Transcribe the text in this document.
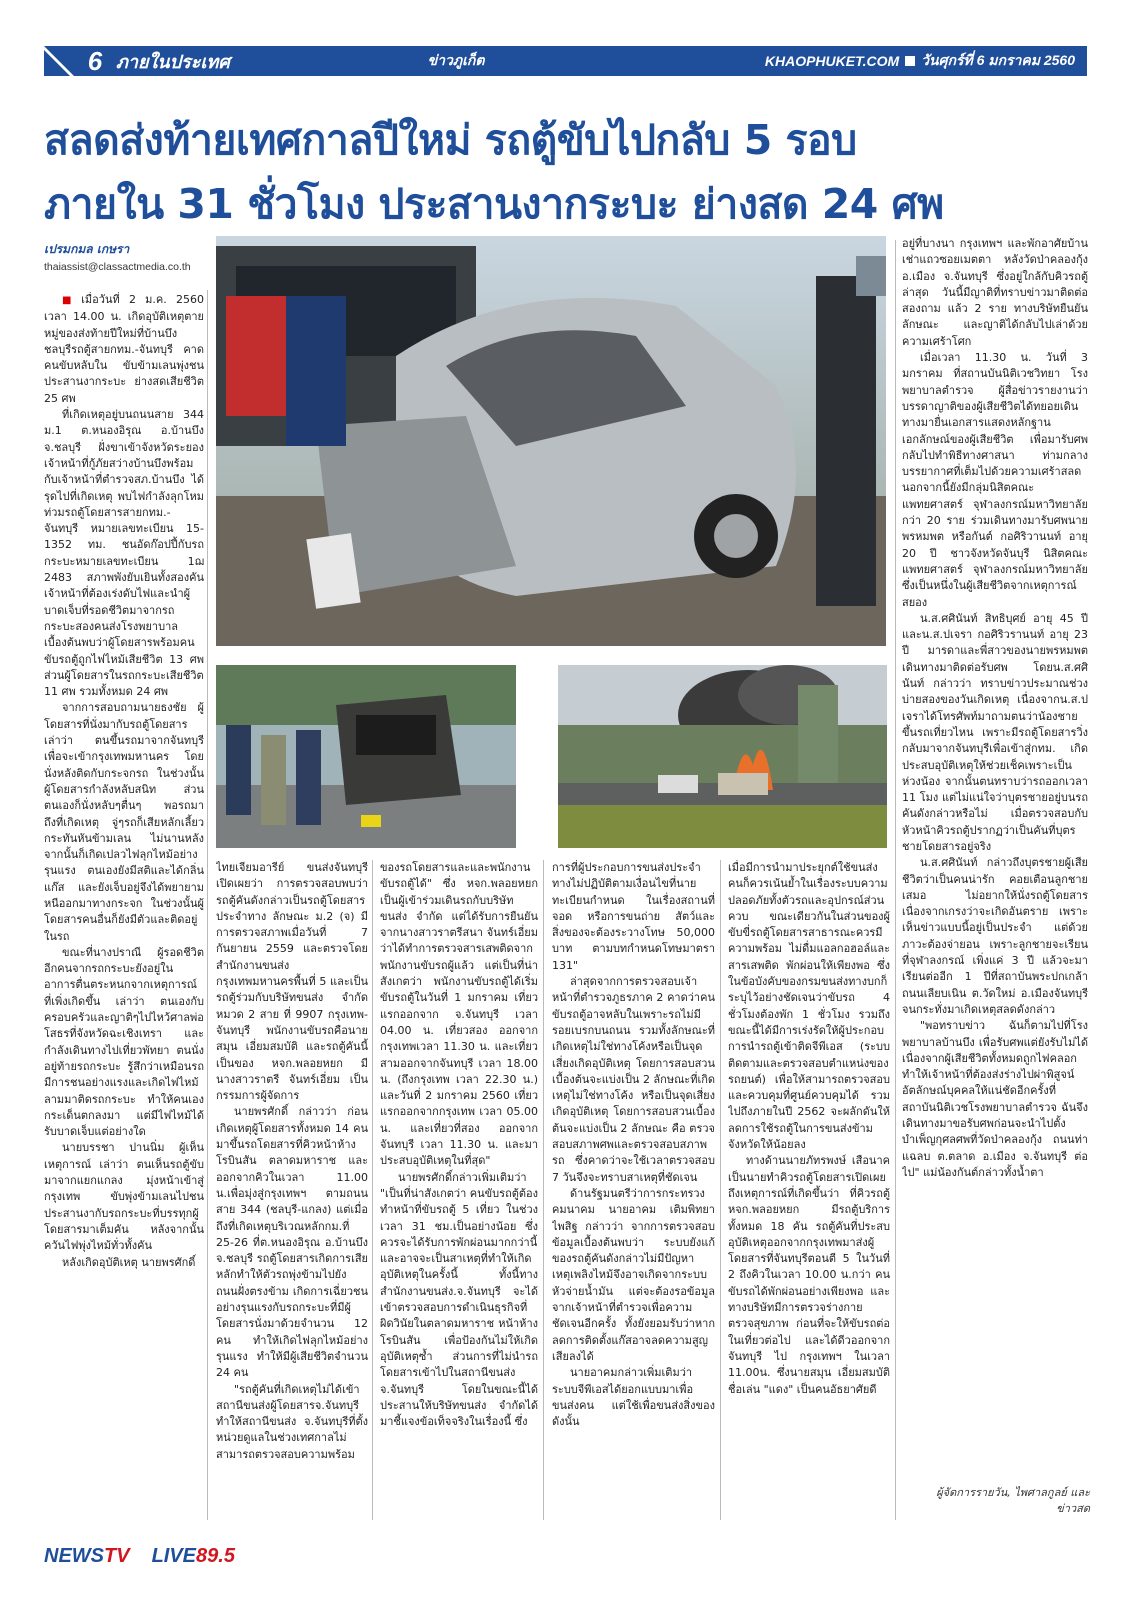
6 ภายในประเทศ	ข่าวภูเก็ต	KHAOPHUKET.COM วันศุกร์ที่ 6 มกราคม 2560
สลดส่งท้ายเทศกาลปีใหม่ รถตู้ขับไปกลับ 5 รอบ
ภายใน 31 ชั่วโมง ประสานงากระบะ ย่างสด 24 ศพ
เปรมกมล เกษรา
thaiassist@classactmedia.co.th

■ เมื่อวันที่ 2 ม.ค. 2560 เวลา 14.00 น. เกิดอุบัติเหตุตายหมู่ของส่งท้ายปีใหม่ที่บ้านบึง ชลบุรีรถตู้สายกทม.-จันทบุรี คาดคนขับหลับใน ขับข้ามเลนพุ่งชนประสานงากระบะ ย่างสดเสียชีวิต 25 ศพ

ที่เกิดเหตุอยู่บนถนนสาย 344 ม.1 ต.หนองอิรุณ อ.บ้านบึง จ.ชลบุรี ฝั่งขาเข้าจังหวัดระยอง เจ้าหน้าที่กู้ภัยสว่างบ้านบึงพร้อมกับเจ้าหน้าที่ตำรวจสภ.บ้านบึง ได้รุดไปที่เกิดเหตุ พบไฟกำลังลุกโหมท่วมรถตู้โดยสารสายกทม.-จันทบุรี หมายเลขทะเบียน 15-1352 ทม. ชนอัดก๊อปปี้กับรถกระบะหมายเลขทะเบียน 1ฌ 2483 สภาพพังยับเยินทั้งสองคัน เจ้าหน้าที่ต้องเร่งดับไฟและนำผู้บาดเจ็บที่รอดชีวิตมาจากรถกระบะสองคนส่งโรงพยาบาล เบื้องต้นพบว่าผู้โดยสารพร้อมคนขับรถตู้ถูกไฟไหม้เสียชีวิต 13 ศพ ส่วนผู้โดยสารในรถกระบะเสียชีวิต 11 ศพ รวมทั้งหมด 24 ศพ

จากการสอบถามนายธงชัย ผู้โดยสารที่นั่งมากับรถตู้โดยสาร เล่าว่า ตนขึ้นรถมาจากจันทบุรี เพื่อจะเข้ากรุงเทพมหานคร โดยนั่งหลังติดกับกระจกรถ ในช่วงนั้นผู้โดยสารกำลังหลับสนิท ส่วนตนเองก็นั่งหลับๆตื่นๆ พอรถมาถึงที่เกิดเหตุ จู่ๆรถก็เสียหลักเลี้ยวกระทันหันข้ามเลน ไม่นานหลังจากนั้นก็เกิดเปลวไฟลุกไหม้อย่างรุนแรง ตนเองยังมีสติและได้กลิ่นแก๊ส และยังเจ็บอยู่จึงได้พยายามหนีออกมาทางกระจก ในช่วงนั้นผู้โดยสารคนอื่นก็ยังมีตัวและติดอยู่ในรถ

ขณะที่นางปราณี ผู้รอดชีวิตอีกคนจากรถกระบะยังอยู่ในอาการตื่นตระหนกจากเหตุการณ์ที่เพิ่งเกิดขึ้น เล่าว่า ตนเองกับครอบครัวและญาติๆไปไหว้ศาลพ่อโสธรที่จังหวัดฉะเชิงเทรา และกำลังเดินทางไปเที่ยวพัทยา ตนนั่งอยู่ท้ายรถกระบะ รู้สึกว่าเหมือนรถมีการชนอย่างแรงและเกิดไฟไหม้ลามมาติดรถกระบะ ทำให้คนเองกระเด็นตกลงมา แต่มีไฟไหม้ได้รับบาดเจ็บแต่อย่างใด

นายบรรชา ปานนิ่ม ผู้เห็นเหตุการณ์ เล่าว่า ตนเห็นรถตู้ขับมาจากแยกแกลง มุ่งหน้าเข้าสู่กรุงเทพ ขับพุ่งข้ามเลนไปชนประสานงากับรถกระบะที่บรรทุกผู้โดยสารมาเต็มคัน หลังจากนั้นควันไฟพุ่งไหม้ทั่วทั้งคัน

หลังเกิดอุบัติเหตุ นายพรศักดิ์

ไทยเจียมอารีย์ ขนส่งจันทบุรี เปิดเผยว่า การตรวจสอบพบว่ารถตู้คันดังกล่าวเป็นรถตู้โดยสารประจำทาง ลักษณะ ม.2 (จ) มีการตรวจสภาพเมื่อวันที่ 7 กันยายน 2559 และตรวจโดยสำนักงานขนส่ง กรุงเทพมหานครพื้นที่ 5 และเป็นรถตู้ร่วมกับบริษัทขนส่ง จำกัด หมวด 2 สาย ที่ 9907 กรุงเทพ-จันทบุรี พนักงานขับรถคือนายสมุน เอี่ยมสมบัติ และรถตู้คันนี้เป็นของ หจก.พลอยหยก มีนางสาวราตรี จันทร์เอี่ยม เป็นกรรมการผู้จัดการ

นายพรศักดิ์ กล่าวว่า ก่อนเกิดเหตุผู้โดยสารทั้งหมด 14 คน มาขึ้นรถโดยสารที่คิวหน้าห้างโรบินสัน ตลาดมหาราช และออกจากคิวในเวลา 11.00 น.เพื่อมุ่งสู่กรุงเทพฯ ตามถนนสาย 344 (ชลบุรี-แกลง) แต่เมื่อถึงที่เกิดเหตุบริเวณหลักกม.ที่ 25-26 ที่ต.หนองอิรุณ อ.บ้านบึง จ.ชลบุรี รถตู้โดยสารเกิดการเสียหลักทำให้ตัวรถพุ่งข้ามไปยังถนนฝั่งตรงข้าม เกิดการเฉี่ยวชนอย่างรุนแรงกับรถกระบะที่มีผู้โดยสารนั่งมาด้วยจำนวน 12 คน ทำให้เกิดไฟลุกไหม้อย่างรุนแรง ทำให้มีผู้เสียชีวิตจำนวน 24 คน

"รถตู้คันที่เกิดเหตุไม่ได้เข้าสถานีขนส่งผู้โดยสารจ.จันทบุรี ทำให้สถานีขนส่ง จ.จันทบุรีที่ตั้งหน่วยดูแลในช่วงเทศกาลไม่สามารถตรวจสอบความพร้อม

ของรถโดยสารและและพนักงานขับรถตู้ได้" ซึ่ง หจก.พลอยหยก เป็นผู้เข้าร่วมเดินรถกับบริษัทขนส่ง จำกัด แต่ได้รับการยืนยันจากนางสาวราตรีสนา จันทร์เอี่ยม ว่าได้ทำการตรวจสารเสพติดจากพนักงานขับรถผู้แล้ว แต่เป็นที่น่าสังเกตว่า พนักงานขับรถตู้ได้เริ่มขับรถตู้ในวันที่ 1 มกราคม เที่ยวแรกออกจาก จ.จันทบุรี เวลา 04.00 น. เที่ยวสอง ออกจากกรุงเทพเวลา 11.30 น. และเที่ยวสามออกจากจันทบุรี เวลา 18.00 น. (ถึงกรุงเทพ เวลา 22.30 น.) และวันที่ 2 มกราคม 2560 เที่ยวแรกออกจากกรุงเทพ เวลา 05.00 น. และเที่ยวที่สอง ออกจากจันทบุรี เวลา 11.30 น. และมาประสบอุบัติเหตุในที่สุด"

นายพรศักดิ์กล่าวเพิ่มเติมว่า "เป็นที่น่าสังเกตว่า คนขับรถตู้ต้องทำหน้าที่ขับรถตู้ 5 เที่ยว ในช่วงเวลา 31 ชม.เป็นอย่างน้อย ซึ่งควรจะได้รับการพักผ่อนมากกว่านี้ และอาจจะเป็นสาเหตุที่ทำให้เกิดอุบัติเหตุในครั้งนี้ ทั้งนี้ทางสำนักงานขนส่ง.จ.จันทบุรี จะได้เข้าตรวจสอบการดำเนินธุรกิจที่ผิดวินัยในตลาดมหาราช หน้าห้างโรบินสัน เพื่อป้องกันไม่ให้เกิดอุบัติเหตุซ้ำ ส่วนการที่ไม่นำรถโดยสารเข้าไปในสถานีขนส่ง จ.จันทบุรี โดยในขณะนี้ได้ประสานให้บริษัทขนส่ง จำกัดได้มาชี้แจงข้อเท็จจริงในเรื่องนี้ ซึ่ง

การที่ผู้ประกอบการขนส่งประจำทางไม่ปฏิบัติตามเงื่อนไขที่นายทะเบียนกำหนด ในเรื่องสถานที่จอด หรือการขนถ่าย สัตว์และสิ่งของจะต้องระวางโทษ 50,000 บาท ตามบทกำหนดโทษมาตรา 131"

ล่าสุดจากการตรวจสอบเจ้าหน้าที่ตำรวจภูธรภาค 2 คาดว่าคนขับรถตู้อาจหลับในเพราะรถไม่มีรอยเบรกบนถนน รวมทั้งลักษณะที่เกิดเหตุไม่ใช่ทางโค้งหรือเป็นจุดเสี่ยงเกิดอุบัติเหตุ โดยการสอบสวนเบื้องต้นจะแบ่งเป็น 2 ลักษณะที่เกิดเหตุไม่ใช่ทางโค้ง หรือเป็นจุดเสี่ยงเกิดอุบัติเหตุ โดยการสอบสวนเบื้องต้นจะแบ่งเป็น 2 ลักษณะ คือ ตรวจสอบสภาพศพและตรวจสอบสภาพรถ ซึ่งคาดว่าจะใช้เวลาตรวจสอบ 7 วันจึงจะทราบสาเหตุที่ชัดเจน

ด้านรัฐมนตรีว่าการกระทรวงคมนาคม นายอาคม เติมพิทยาไพสิฐ กล่าวว่า จากการตรวจสอบข้อมูลเบื้องต้นพบว่า ระบบยังแก้ของรถตู้คันดังกล่าวไม่มีปัญหา เหตุเพลิงไหม้จึงอาจเกิดจากระบบหัวจ่ายน้ำมัน แต่จะต้องรอข้อมูลจากเจ้าหน้าที่ตำรวจเพื่อความชัดเจนอีกครั้ง ทั้งยังยอมรับว่าหากลดการติดตั้งแก๊สอาจลดความสูญเสียลงได้

นายอาคมกล่าวเพิ่มเติมว่าระบบจีพีเอสได้ยอกแบบมาเพื่อขนส่งคน แต่ใช้เพื่อขนส่งสิ่งของ ดังนั้น

เมื่อมีการนำมาประยุกต์ใช้ขนส่งคนก็ควรเน้นย้ำในเรื่องระบบความปลอดภัยทั้งตัวรถและอุปกรณ์ส่วนควบ ขณะเดียวกันในส่วนของผู้ขับขี่รถตู้โดยสารสาธารณะควรมีความพร้อม ไม่ดื่มแอลกอฮอล์และสารเสพติด พักผ่อนให้เพียงพอ ซึ่งในข้อบังคับของกรมขนส่งทางบกก็ระบุไว้อย่างชัดเจนว่าขับรถ 4 ชั่วโมงต้องพัก 1 ชั่วโมง รวมถึงขณะนี้ได้มีการเร่งรัดให้ผู้ประกอบการนำรถตู้เข้าติดจีพีเอส (ระบบติดตามและตรวจสอบตำแหน่งของรถยนต์) เพื่อให้สามารถตรวจสอบและควบคุมที่ศูนย์ควบคุมได้ รวมไปถึงภายในปี 2562 จะผลักดันให้ลดการใช้รถตู้ในการขนส่งข้ามจังหวัดให้น้อยลง

ทางด้านนายภัทรพงษ์ เสือนาค เป็นนายทำคิวรถตู้โดยสารเปิดเผยถึงเหตุการณ์ที่เกิดขึ้นว่า ที่คิวรถตู้ หจก.พลอยหยก มีรถตู้บริการทั้งหมด 18 คัน รถตู้คันที่ประสบอุบัติเหตุออกจากกรุงเทพมาส่งผู้โดยสารที่จันทบุรีตอนตี 5 ในวันที่ 2 ถึงคิวในเวลา 10.00 น.กว่า คนขับรถได้พักผ่อนอย่างเพียงพอ และทางบริษัทมีการตรวจร่างกาย ตรวจสุขภาพ ก่อนที่จะให้ขับรถต่อในเที่ยวต่อไป และได้ดีวออกจาก จันทบุรี ไป กรุงเทพฯ ในเวลา 11.00น. ซึ่งนายสมุน เอี่ยมสมบัติ ชื่อเล่น "แดง" เป็นคนอัธยาศัยดี

อยู่ที่บางนา กรุงเทพฯ และพักอาศัยบ้านเช่าแถวซอยเมตตา หลังวัดป่าคลองกุ้ง อ.เมือง จ.จันทบุรี ซึ่งอยู่ใกล้กับคิวรถตู้ ล่าสุด วันนี้มีญาติที่ทราบข่าวมาติดต่อ สองถาม แล้ว 2 ราย ทางบริษัทยืนยันลักษณะ และญาติได้กลับไปเล่าด้วยความเศร้าโศก

เมื่อเวลา 11.30 น. วันที่ 3 มกราคม ที่สถานบันนิติเวชวิทยา โรงพยาบาลตำรวจ ผู้สื่อข่าวรายงานว่า บรรดาญาติของผู้เสียชีวิตได้ทยอยเดินทางมายื่นเอกสารแสดงหลักฐานเอกลักษณ์ของผู้เสียชีวิต เพื่อมารับศพกลับไปทำพิธีทางศาสนา ท่ามกลางบรรยากาศที่เต็มไปด้วยความเศร้าสลด นอกจากนี้ยังมีกลุ่มนิสิตคณะแพทยศาสตร์ จุฬาลงกรณ์มหาวิทยาลัยกว่า 20 ราย ร่วมเดินทางมารับศพนายพรหมพต หรือกันต์ กอศิริวานนท์ อายุ 20 ปี ชาวจังหวัดจันบุรี นิสิตคณะแพทยศาสตร์ จุฬาลงกรณ์มหาวิทยาลัย ซึ่งเป็นหนึ่งในผู้เสียชีวิตจากเหตุการณ์สยอง

น.ส.ศศินันท์ สิทธิบุศย์ อายุ 45 ปี และน.ส.ปเจรา กอศิริวรานนท์ อายุ 23 ปี มารดาและพี่สาวของนายพรหมพต เดินทางมาติดต่อรับศพ โดยน.ส.ศศินันท์ กล่าวว่า ทราบข่าวประมาณช่วงบ่ายสองของวันเกิดเหตุ เนื่องจากน.ส.ปเจราได้โทรศัพท์มาถามตนว่าน้องชายขึ้นรถเที่ยวไหน เพราะมีรถตู้โดยสารวิ่งกลับมาจากจันทบุรีเพื่อเข้าสู่กทม. เกิดประสบอุบัติเหตุให้ช่วยเช็คเพราะเป็นห่วงน้อง จากนั้นตนทราบว่ารถออกเวลา 11 โมง แต่ไม่แน่ใจว่าบุตรชายอยู่บนรถคันดังกล่าวหรือไม่ เมื่อตรวจสอบกับหัวหน้าคิวรถตู้ปรากฏว่าเป็นคันที่บุตรชายโดยสารอยู่จริง

น.ส.ศศินันท์ กล่าวถึงบุตรชายผู้เสียชีวิตว่าเป็นคนน่ารัก คอยเตือนลูกชายเสมอ ไม่อยากให้นั่งรถตู้โดยสาร เนื่องจากเกรงว่าจะเกิดอันตราย เพราะเห็นข่าวแบบนี้อยู่เป็นประจำ แต่ด้วยภาวะต้องจ่ายอน เพราะลูกชายจะเรียนที่จุฬาลงกรณ์ เพิ่งแค่ 3 ปี แล้วจะมาเรียนต่ออีก 1 ปีที่สถาบันพระปกเกล้า ถนนเลียบเนิน ต.วัดใหม่ อ.เมืองจันทบุรี จนกระทั่งมาเกิดเหตุสลดดังกล่าว

"พอทราบข่าว ฉันก็ตามไปที่โรงพยาบาลบ้านบึง เพื่อรับศพแต่ยังรับไม่ได้ เนื่องจากผู้เสียชีวิตทั้งหมดถูกไฟคลอก ทำให้เจ้าหน้าที่ต้องส่งร่างไปผ่าพิสูจน์อัตลักษณ์บุคคลให้แน่ชัดอีกครั้งที่สถาบันนิติเวชโรงพยาบาลตำรวจ ฉันจึงเดินทางมาขอรับศพก่อนจะนำไปตั้งบำเพ็ญกุศลศพที่วัดป่าคลองกุ้ง ถนนท่าแฉลบ ต.ตลาด อ.เมือง จ.จันทบุรี ต่อไป" แม่น้องกันต์กล่าวทั้งน้ำตา

ผู้จัดการรายวัน, ไพศาลกูลย์ และข่าวสด
NEWSTV LIVE89.5
